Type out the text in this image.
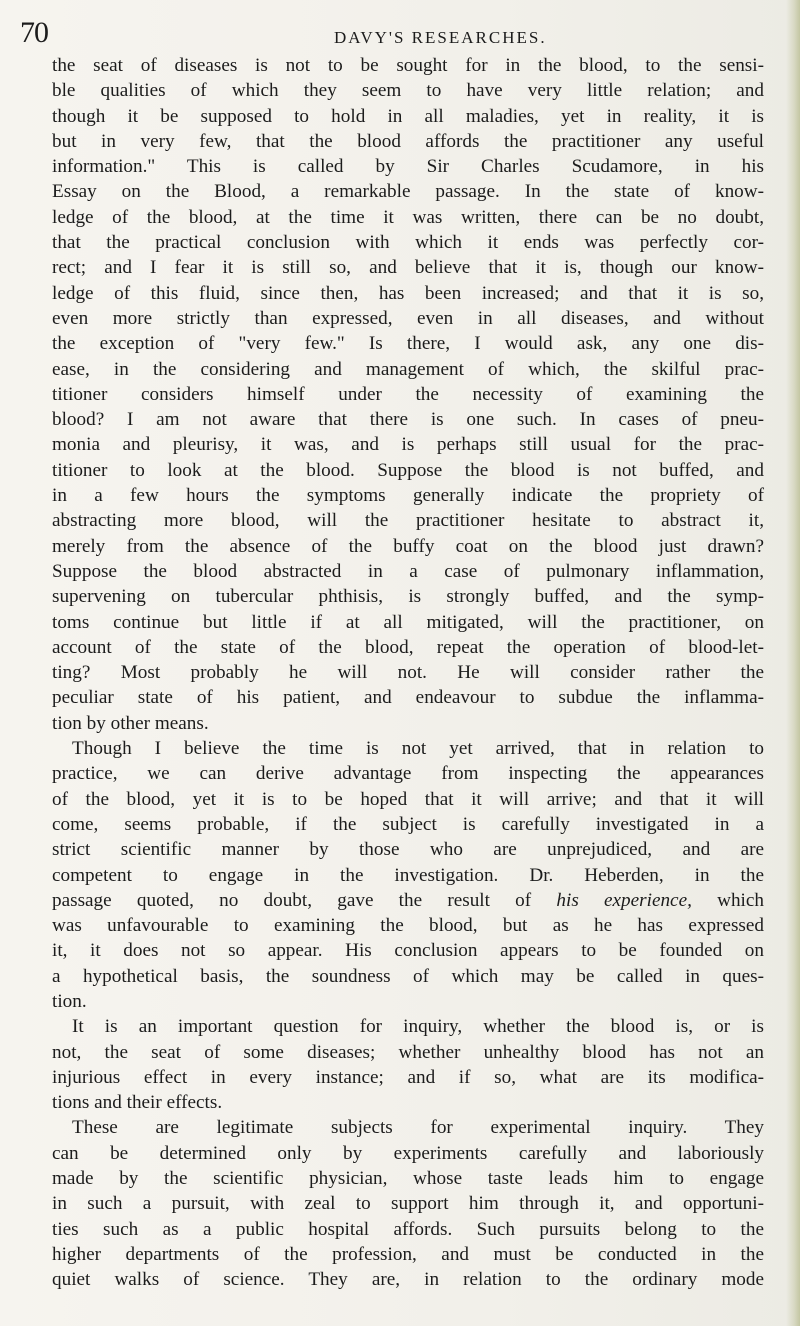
70	DAVY'S RESEARCHES.
the seat of diseases is not to be sought for in the blood, to the sensi-
ble qualities of which they seem to have very little relation; and
though it be supposed to hold in all maladies, yet in reality, it is
but in very few, that the blood affords the practitioner any useful
information." This is called by Sir Charles Scudamore, in his
Essay on the Blood, a remarkable passage. In the state of know-
ledge of the blood, at the time it was written, there can be no doubt,
that the practical conclusion with which it ends was perfectly cor-
rect; and I fear it is still so, and believe that it is, though our know-
ledge of this fluid, since then, has been increased; and that it is so,
even more strictly than expressed, even in all diseases, and without
the exception of "very few." Is there, I would ask, any one dis-
ease, in the considering and management of which, the skilful prac-
titioner considers himself under the necessity of examining the
blood? I am not aware that there is one such. In cases of pneu-
monia and pleurisy, it was, and is perhaps still usual for the prac-
titioner to look at the blood. Suppose the blood is not buffed, and
in a few hours the symptoms generally indicate the propriety of
abstracting more blood, will the practitioner hesitate to abstract it,
merely from the absence of the buffy coat on the blood just drawn?
Suppose the blood abstracted in a case of pulmonary inflammation,
supervening on tubercular phthisis, is strongly buffed, and the symp-
toms continue but little if at all mitigated, will the practitioner, on
account of the state of the blood, repeat the operation of blood-let-
ting? Most probably he will not. He will consider rather the
peculiar state of his patient, and endeavour to subdue the inflamma-
tion by other means.
Though I believe the time is not yet arrived, that in relation to
practice, we can derive advantage from inspecting the appearances
of the blood, yet it is to be hoped that it will arrive; and that it will
come, seems probable, if the subject is carefully investigated in a
strict scientific manner by those who are unprejudiced, and are
competent to engage in the investigation. Dr. Heberden, in the
passage quoted, no doubt, gave the result of his experience, which
was unfavourable to examining the blood, but as he has expressed
it, it does not so appear. His conclusion appears to be founded on
a hypothetical basis, the soundness of which may be called in ques-
tion.
It is an important question for inquiry, whether the blood is, or is
not, the seat of some diseases; whether unhealthy blood has not an
injurious effect in every instance; and if so, what are its modifica-
tions and their effects.
These are legitimate subjects for experimental inquiry. They
can be determined only by experiments carefully and laboriously
made by the scientific physician, whose taste leads him to engage
in such a pursuit, with zeal to support him through it, and opportuni-
ties such as a public hospital affords. Such pursuits belong to the
higher departments of the profession, and must be conducted in the
quiet walks of science. They are, in relation to the ordinary mode
